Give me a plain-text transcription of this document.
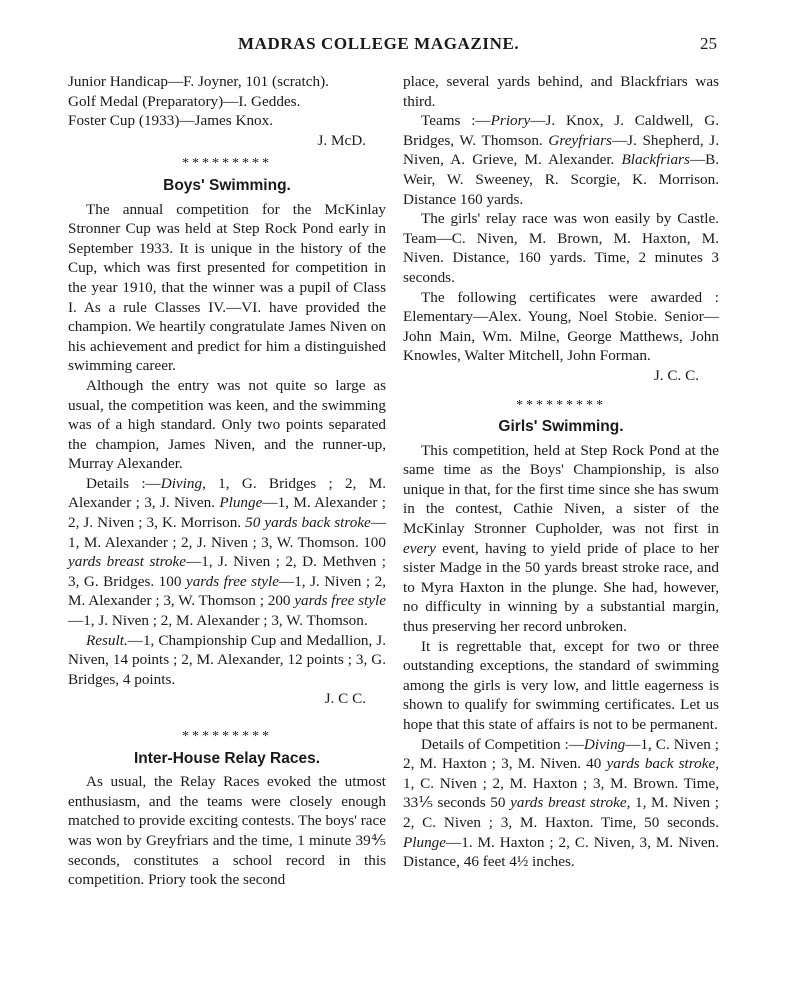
MADRAS COLLEGE MAGAZINE.	25
Junior Handicap—F. Joyner, 101 (scratch).
Golf Medal (Preparatory)—I. Geddes.
Foster Cup (1933)—James Knox.
J. McD.
*********
Boys' Swimming.

The annual competition for the McKinlay Stronner Cup was held at Step Rock Pond early in September 1933. It is unique in the history of the Cup, which was first presented for competition in the year 1910, that the winner was a pupil of Class I. As a rule Classes IV.—VI. have provided the champion. We heartily congratulate James Niven on his achievement and predict for him a distinguished swimming career.

Although the entry was not quite so large as usual, the competition was keen, and the swimming was of a high standard. Only two points separated the champion, James Niven, and the runner-up, Murray Alexander.

Details :—Diving, 1, G. Bridges ; 2, M. Alexander ; 3, J. Niven. Plunge—1, M. Alexander ; 2, J. Niven ; 3, K. Morrison. 50 yards back stroke—1, M. Alexander ; 2, J. Niven ; 3, W. Thomson. 100 yards breast stroke—1, J. Niven ; 2, D. Methven ; 3, G. Bridges. 100 yards free style—1, J. Niven ; 2, M. Alexander ; 3, W. Thomson ; 200 yards free style—1, J. Niven ; 2, M. Alexander ; 3, W. Thomson.

Result.—1, Championship Cup and Medallion, J. Niven, 14 points ; 2, M. Alexander, 12 points ; 3, G. Bridges, 4 points.

J. C C.
*********
Inter-House Relay Races.

As usual, the Relay Races evoked the utmost enthusiasm, and the teams were closely enough matched to provide exciting contests. The boys' race was won by Greyfriars and the time, 1 minute 39⅘ seconds, constitutes a school record in this competition. Priory took the second

place, several yards behind, and Blackfriars was third.

Teams :—Priory—J. Knox, J. Caldwell, G. Bridges, W. Thomson. Greyfriars—J. Shepherd, J. Niven, A. Grieve, M. Alexander. Blackfriars—B. Weir, W. Sweeney, R. Scorgie, K. Morrison. Distance 160 yards.

The girls' relay race was won easily by Castle. Team—C. Niven, M. Brown, M. Haxton, M. Niven. Distance, 160 yards. Time, 2 minutes 3 seconds.

The following certificates were awarded : Elementary—Alex. Young, Noel Stobie. Senior—John Main, Wm. Milne, George Matthews, John Knowles, Walter Mitchell, John Forman.

J. C. C.
*********
Girls' Swimming.

This competition, held at Step Rock Pond at the same time as the Boys' Championship, is also unique in that, for the first time since she has swum in the contest, Cathie Niven, a sister of the McKinlay Stronner Cupholder, was not first in every event, having to yield pride of place to her sister Madge in the 50 yards breast stroke race, and to Myra Haxton in the plunge. She had, however, no difficulty in winning by a substantial margin, thus preserving her record unbroken.

It is regrettable that, except for two or three outstanding exceptions, the standard of swimming among the girls is very low, and little eagerness is shown to qualify for swimming certificates. Let us hope that this state of affairs is not to be permanent.

Details of Competition :—Diving—1, C. Niven ; 2, M. Haxton ; 3, M. Niven. 40 yards back stroke, 1, C. Niven ; 2, M. Haxton ; 3, M. Brown. Time, 33⅕ seconds 50 yards breast stroke, 1, M. Niven ; 2, C. Niven ; 3, M. Haxton. Time, 50 seconds. Plunge—1. M. Haxton ; 2, C. Niven, 3, M. Niven. Distance, 46 feet 4½ inches.
